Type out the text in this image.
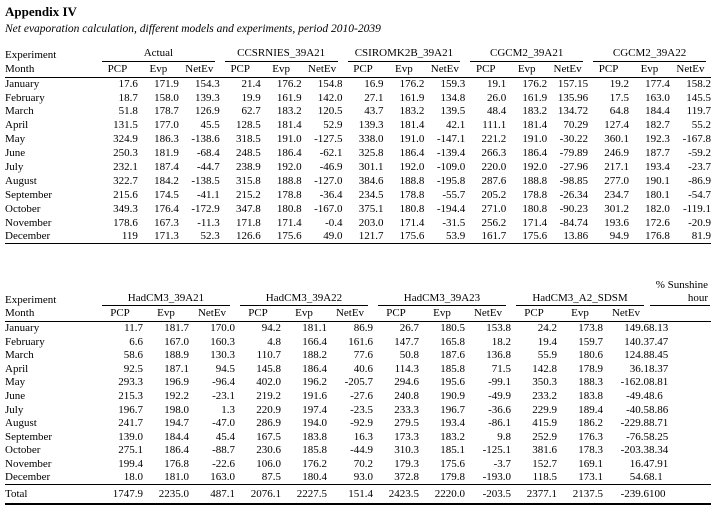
Appendix IV

Net evaporation calculation, different models and experiments, period 2010-2039

Experiment	Actual			CCSRNIES_39A21			CSIROMK2B_39A21			CGCM2_39A21			CGCM2_39A22		

Month	PCP	Evp	NetEv	PCP	Evp	NetEv	PCP	Evp	NetEv	PCP	Evp	NetEv	PCP	Evp	NetEv
January	17.6	171.9	154.3	21.4	176.2	154.8	16.9	176.2	159.3	19.1	176.2	157.15	19.2	177.4	158.2
February	18.7	158.0	139.3	19.9	161.9	142.0	27.1	161.9	134.8	26.0	161.9	135.96	17.5	163.0	145.5
March	51.8	178.7	126.9	62.7	183.2	120.5	43.7	183.2	139.5	48.4	183.2	134.72	64.8	184.4	119.7
April	131.5	177.0	45.5	128.5	181.4	52.9	139.3	181.4	42.1	111.1	181.4	70.29	127.4	182.7	55.2
May	324.9	186.3	-138.6	318.5	191.0	-127.5	338.0	191.0	-147.1	221.2	191.0	-30.22	360.1	192.3	-167.8
June	250.3	181.9	-68.4	248.5	186.4	-62.1	325.8	186.4	-139.4	266.3	186.4	-79.89	246.9	187.7	-59.2
July	232.1	187.4	-44.7	238.9	192.0	-46.9	301.1	192.0	-109.0	220.0	192.0	-27.96	217.1	193.4	-23.7
August	322.7	184.2	-138.5	315.8	188.8	-127.0	384.6	188.8	-195.8	287.6	188.8	-98.85	277.0	190.1	-86.9
September	215.6	174.5	-41.1	215.2	178.8	-36.4	234.5	178.8	-55.7	205.2	178.8	-26.34	234.7	180.1	-54.7
October	349.3	176.4	-172.9	347.8	180.8	-167.0	375.1	180.8	-194.4	271.0	180.8	-90.23	301.2	182.0	-119.1
November	178.6	167.3	-11.3	171.8	171.4	-0.4	203.0	171.4	-31.5	256.2	171.4	-84.74	193.6	172.6	-20.9
December	119	171.3	52.3	126.6	175.6	49.0	121.7	175.6	53.9	161.7	175.6	13.86	94.9	176.8	81.9
Experiment	HadCM3_39A21			HadCM3_39A22			HadCM3_39A23			HadCM3_A2_SDSM			% Sunshine hour

Month	PCP	Evp	NetEv	PCP	Evp	NetEv	PCP	Evp	NetEv	PCP	Evp	NetEv	
January	11.7	181.7	170.0	94.2	181.1	86.9	26.7	180.5	153.8	24.2	173.8	149.6	8.13
February	6.6	167.0	160.3	4.8	166.4	161.6	147.7	165.8	18.2	19.4	159.7	140.3	7.47
March	58.6	188.9	130.3	110.7	188.2	77.6	50.8	187.6	136.8	55.9	180.6	124.8	8.45
April	92.5	187.1	94.5	145.8	186.4	40.6	114.3	185.8	71.5	142.8	178.9	36.1	8.37
May	293.3	196.9	-96.4	402.0	196.2	-205.7	294.6	195.6	-99.1	350.3	188.3	-162.0	8.81
June	215.3	192.2	-23.1	219.2	191.6	-27.6	240.8	190.9	-49.9	233.2	183.8	-49.4	8.6
July	196.7	198.0	1.3	220.9	197.4	-23.5	233.3	196.7	-36.6	229.9	189.4	-40.5	8.86
August	241.7	194.7	-47.0	286.9	194.0	-92.9	279.5	193.4	-86.1	415.9	186.2	-229.8	8.71
September	139.0	184.4	45.4	167.5	183.8	16.3	173.3	183.2	9.8	252.9	176.3	-76.5	8.25
October	275.1	186.4	-88.7	230.6	185.8	-44.9	310.3	185.1	-125.1	381.6	178.3	-203.3	8.34
November	199.4	176.8	-22.6	106.0	176.2	70.2	179.3	175.6	-3.7	152.7	169.1	16.4	7.91
December	18.0	181.0	163.0	87.5	180.4	93.0	372.8	179.8	-193.0	118.5	173.1	54.6	8.1
Total	1747.9	2235.0	487.1	2076.1	2227.5	151.4	2423.5	2220.0	-203.5	2377.1	2137.5	-239.6	100
